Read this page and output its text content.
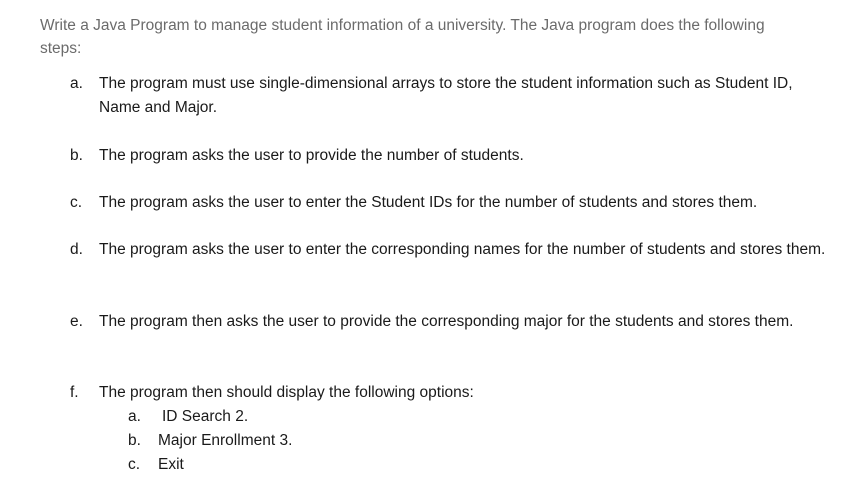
Write a Java Program to manage student information of a university. The Java program does the following steps:

a.	The program must use single-dimensional arrays to store the student information such as Student ID, Name and Major.
b.	The program asks the user to provide the number of students.
c.	The program asks the user to enter the Student IDs for the number of students and stores them.
d.	The program asks the user to enter the corresponding names for the number of students and stores them.
e.	The program then asks the user to provide the corresponding major for the students and stores them.
f.	The program then should display the following options:
a.	ID Search 2.
b.	Major Enrollment 3.
c.	Exit
